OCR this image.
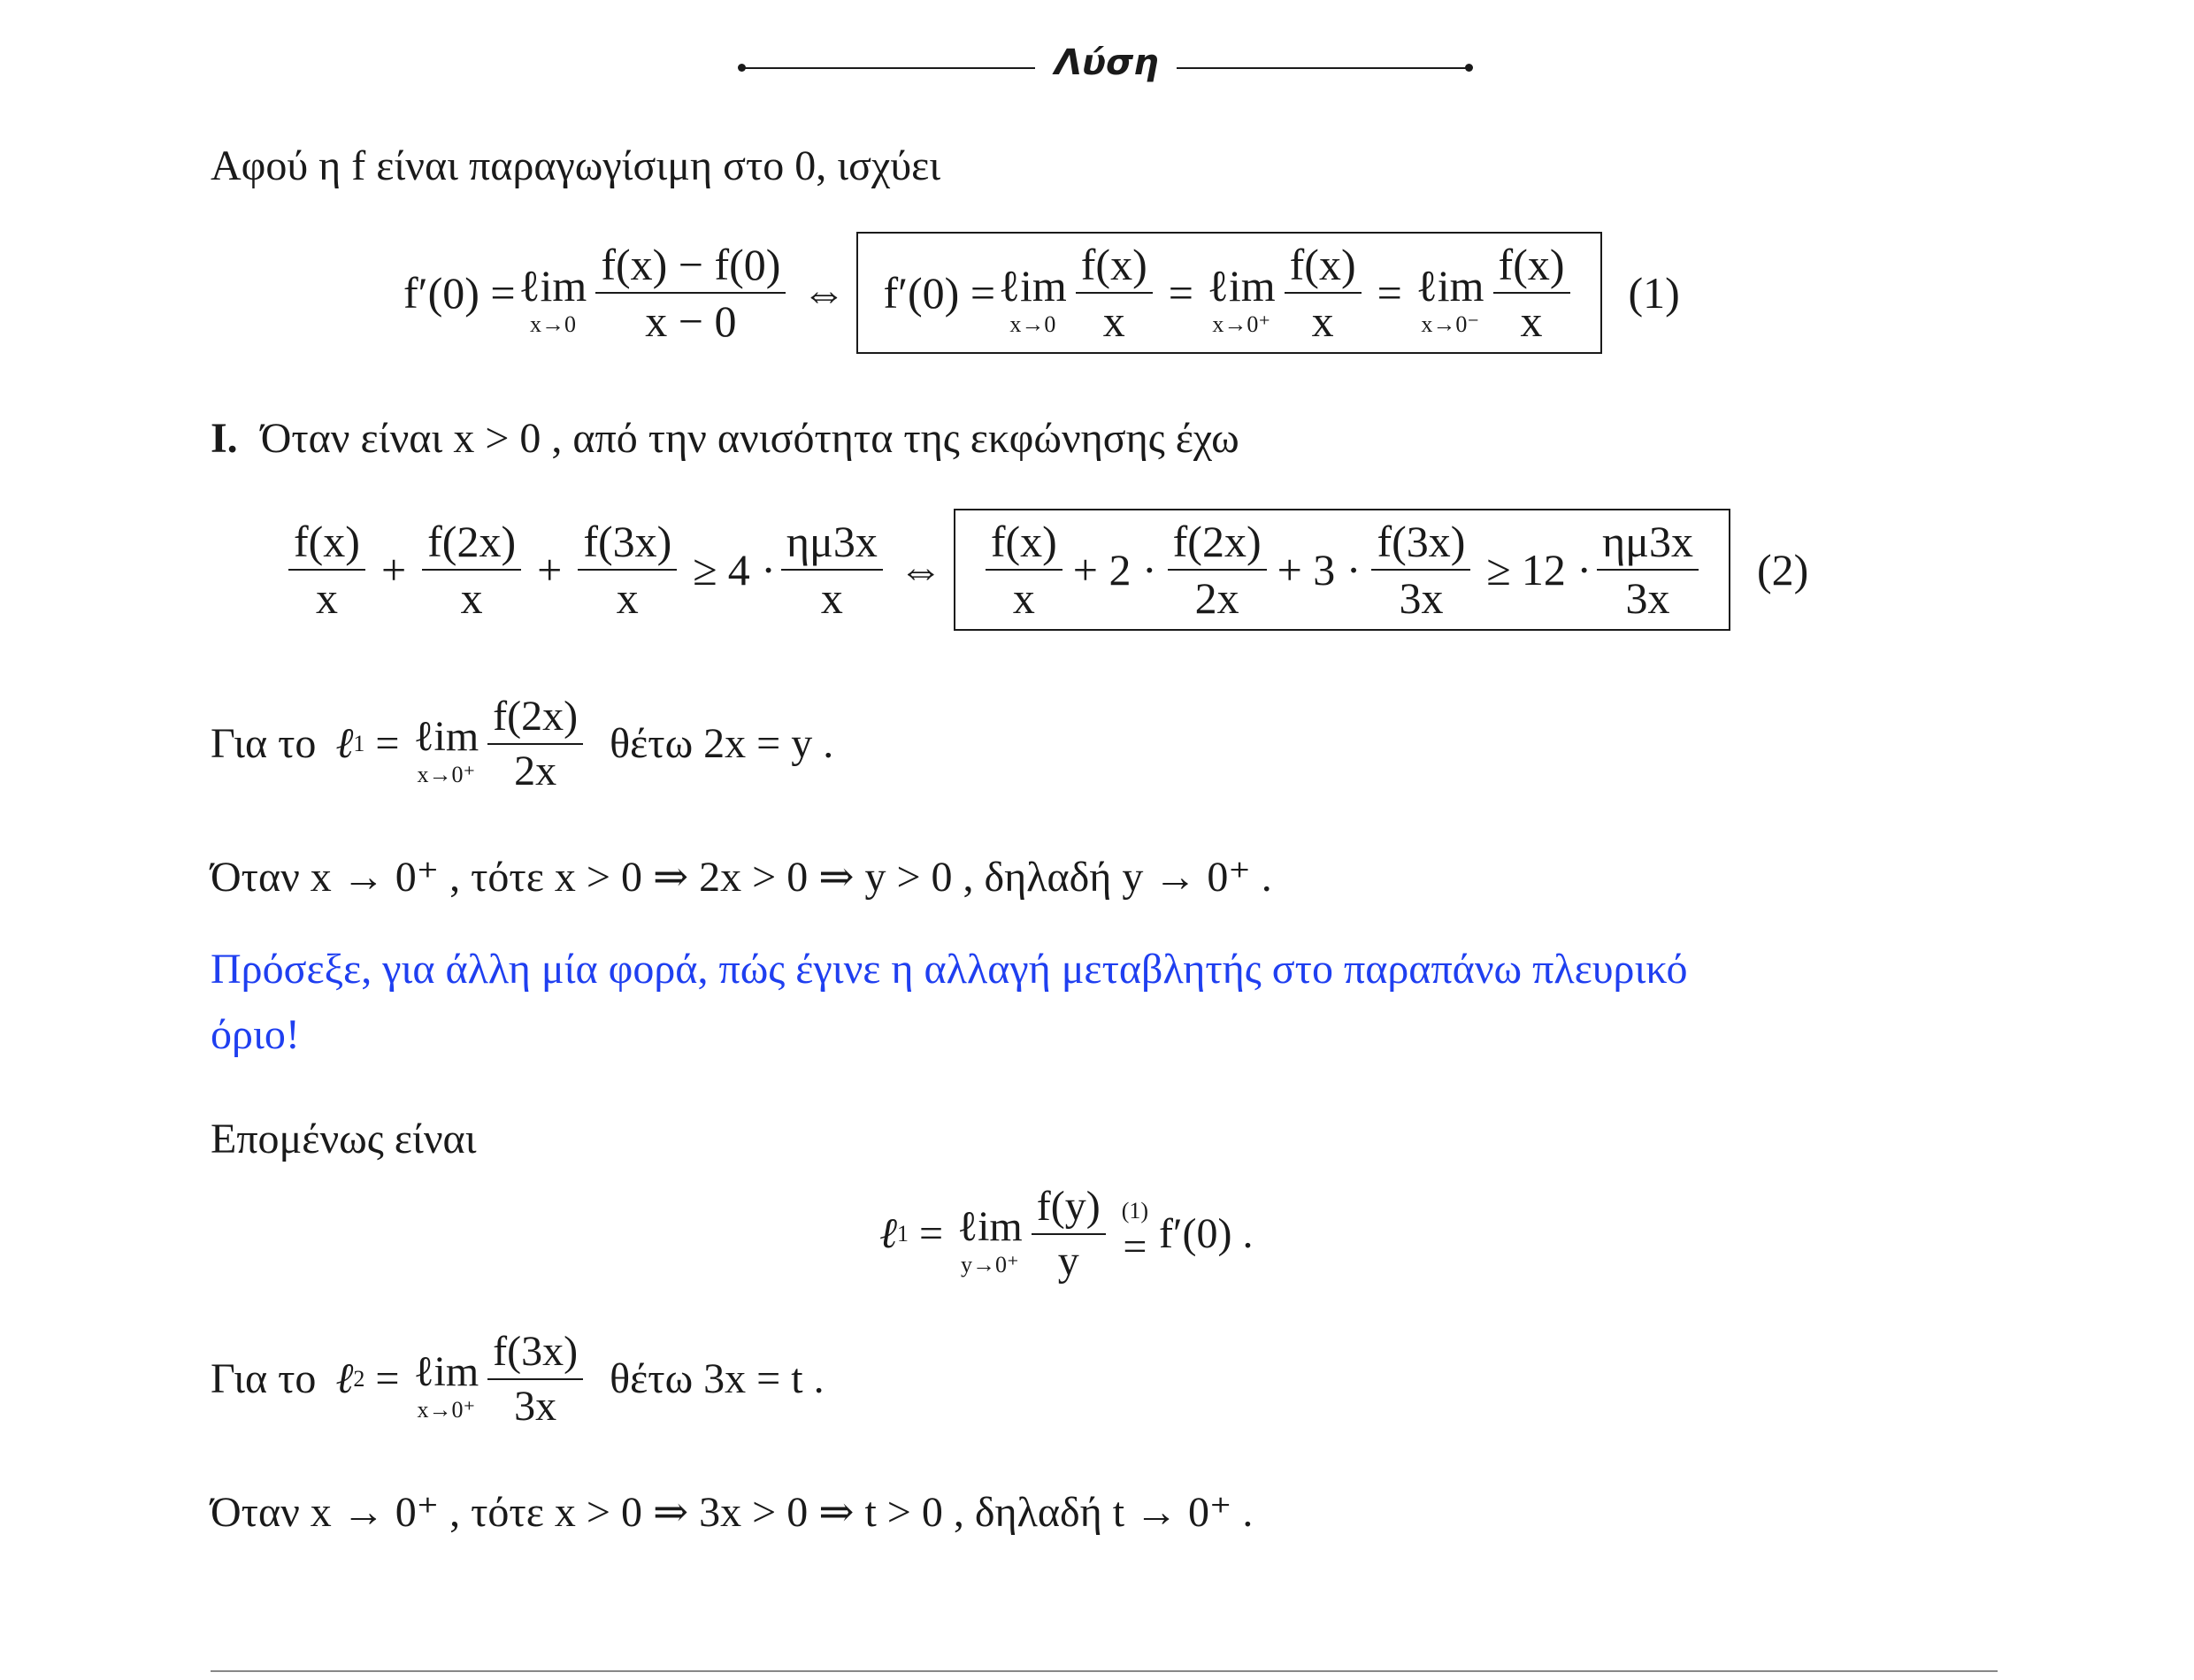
Λύση
Αφού η f είναι παραγωγίσιμη στο 0, ισχύει
f′(0) = ℓim
$x\to 0 \frac{f(x) - f(0)}{x - 0}$ ⇔ f′(0) = ℓim
$x\to 0 \frac{f(x)}{x}$ = ℓim
$x\to 0^+ \frac{f(x)}{x}$ = ℓim
$x\to 0^- \frac{f(x)}{x} (1)$
Ι. Όταν είναι x > 0 , από την ανισότητα της εκφώνησης έχω
$\frac{f(x)}{x} + \frac{f(2x)}{x} + \frac{f(3x)}{x} \ge 4 \cdot \frac{\eta\mu 3x}{x}$ ⇔ $\frac{f(x)}{x} + 2 \cdot \frac{f(2x)}{2x} + 3 \cdot \frac{f(3x)}{3x} \ge 12 \cdot \frac{\eta\mu 3x}{3x} (2)$
Για το ℓ 1 = ℓim
$x\to 0^+ \frac{f(2x)}{2x}$ θέτω 2x = y .
Όταν x → 0⁺ , τότε x > 0 ⇒ 2x > 0 ⇒ y > 0 , δηλαδή y → 0⁺ .
Πρόσεξε, για άλλη μία φορά, πώς έγινε η αλλαγή μεταβλητής στο παραπάνω πλευρικό
όριο!
Επομένως είναι
ℓ 1 = ℓim
$y\to 0^+ \frac{f(y)}{y} (1)$
= f′(0) .
Για το ℓ 2 = ℓim
$x\to 0^+ \frac{f(3x)}{3x}$ θέτω 3x = t .
Όταν x → 0⁺ , τότε x > 0 ⇒ 3x > 0 ⇒ t > 0 , δηλαδή t → 0⁺ .
